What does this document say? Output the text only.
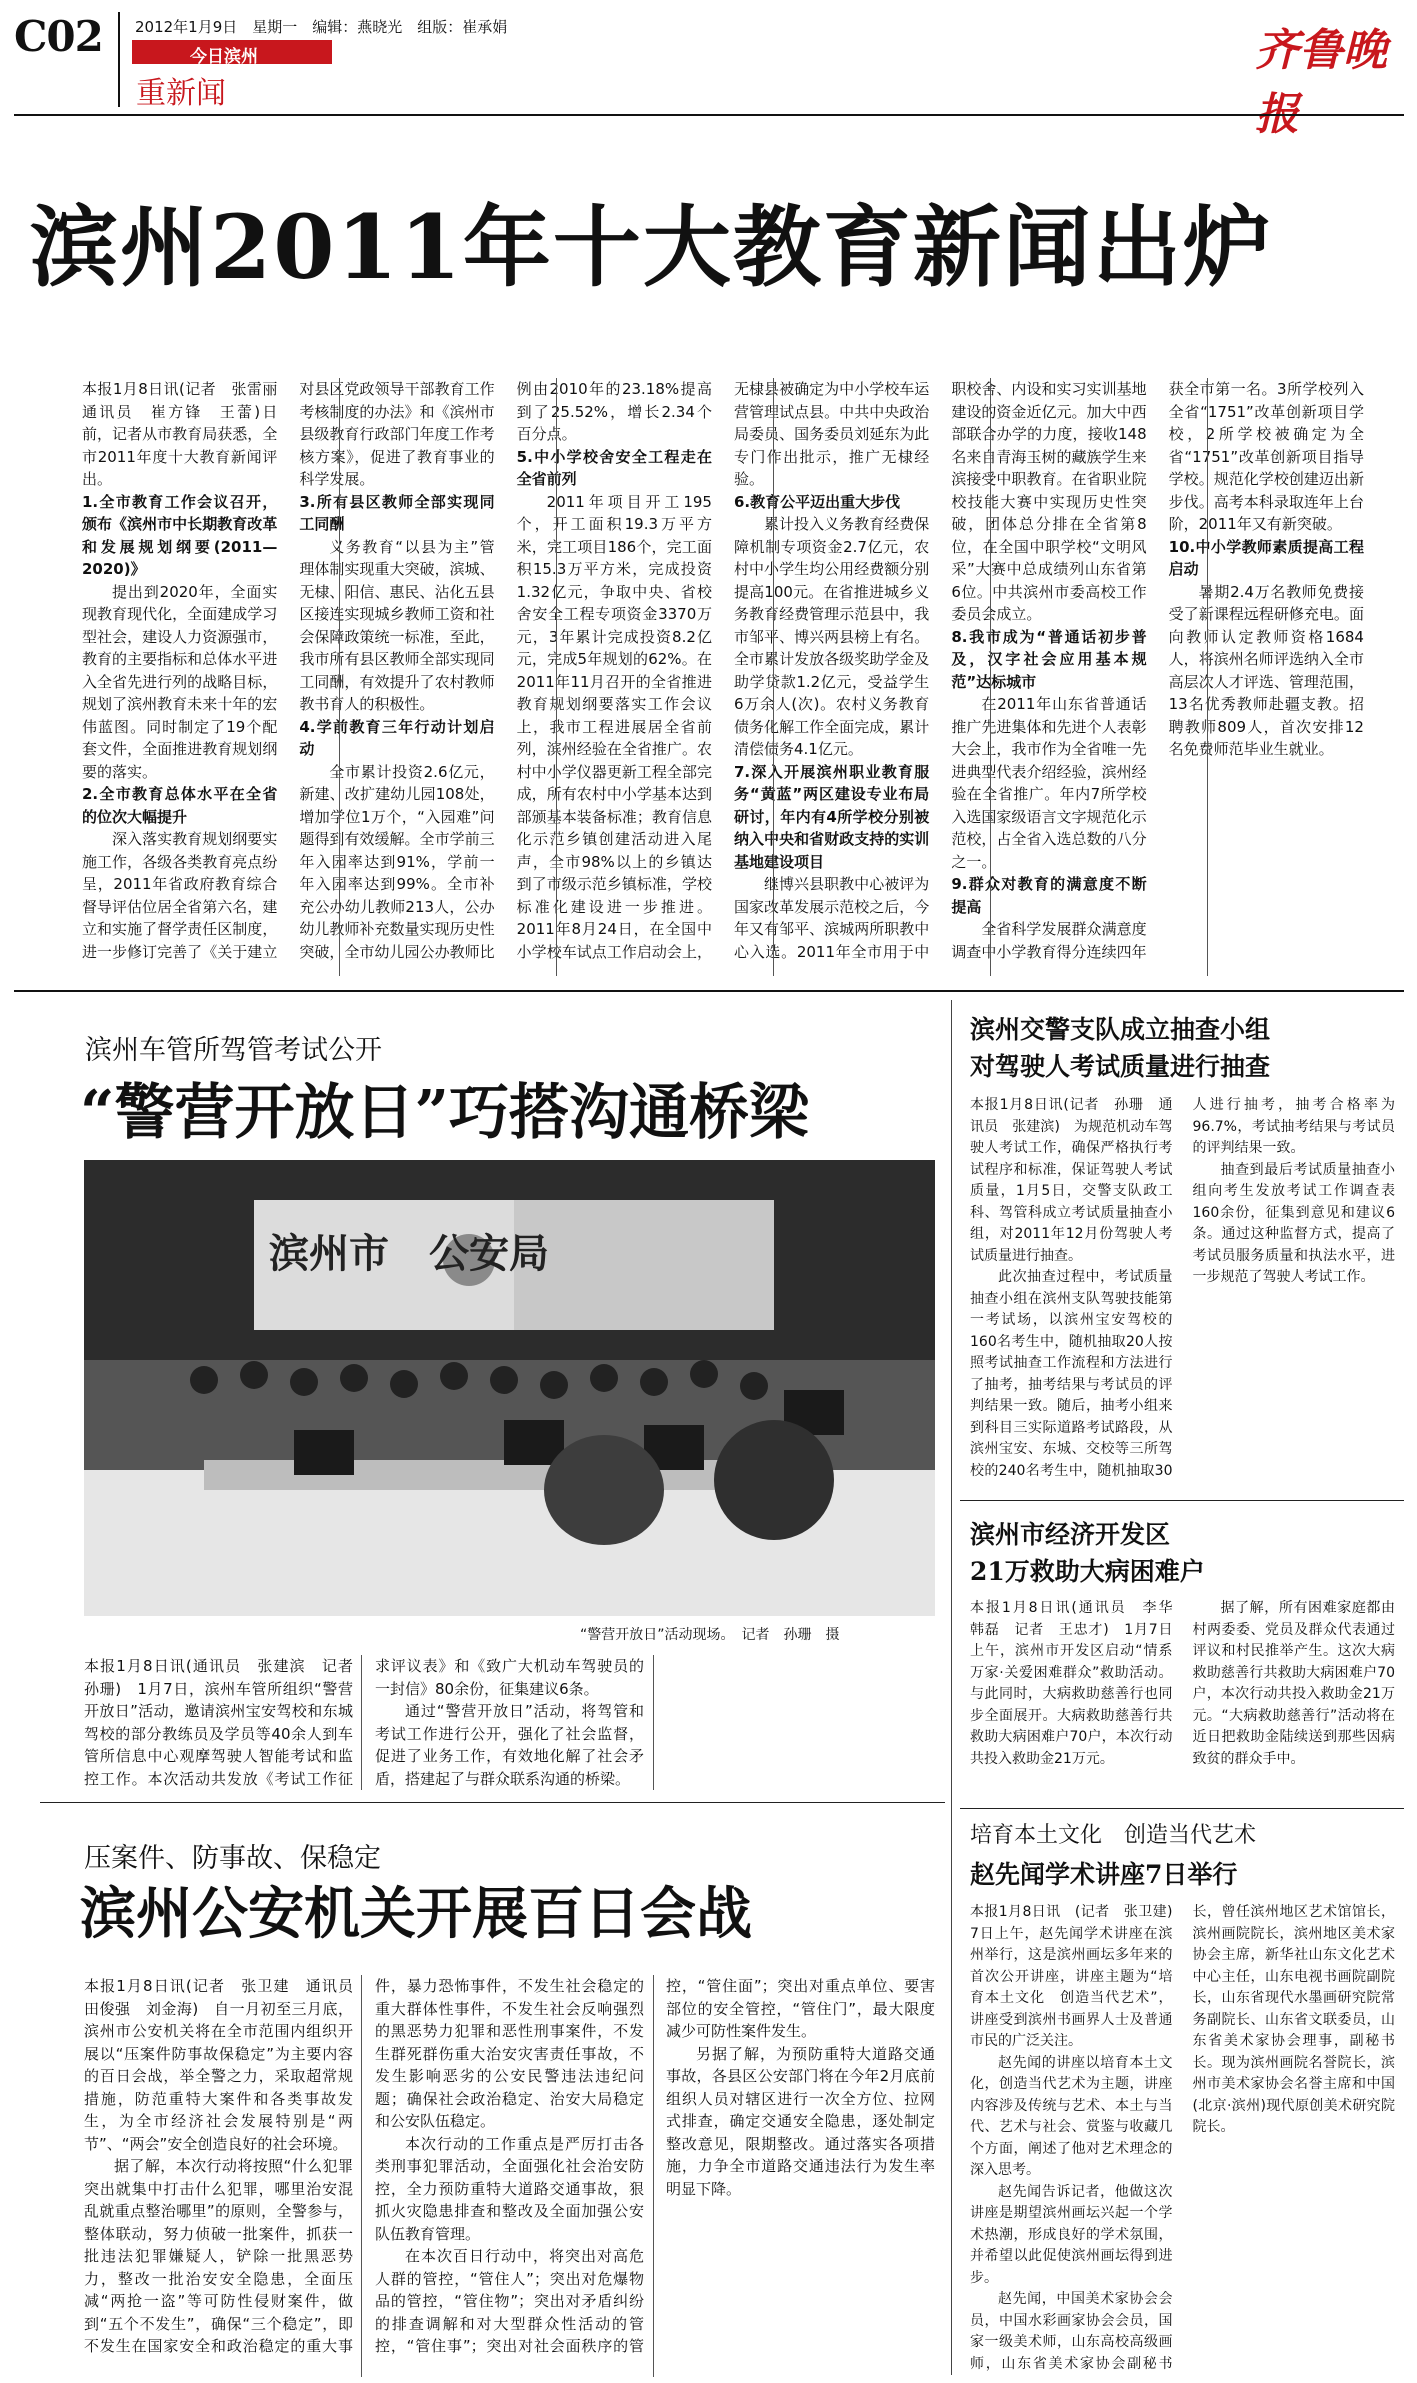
C02 2012年1月9日　星期一　编辑：燕晓光　组版：崔承娟
今日滨州
重新闻
齐鲁晚报
滨州2011年十大教育新闻出炉

本报1月8日讯(记者　张雷丽　通讯员　崔方锋　王蕾)日前，记者从市教育局获悉，全市2011年度十大教育新闻评出。

1.全市教育工作会议召开，颁布《滨州市中长期教育改革和发展规划纲要(2011—2020)》

提出到2020年，全面实现教育现代化，全面建成学习型社会，建设人力资源强市，教育的主要指标和总体水平进入全省先进行列的战略目标，规划了滨州教育未来十年的宏伟蓝图。同时制定了19个配套文件，全面推进教育规划纲要的落实。

2.全市教育总体水平在全省的位次大幅提升

深入落实教育规划纲要实施工作，各级各类教育亮点纷呈，2011年省政府教育综合督导评估位居全省第六名，建立和实施了督学责任区制度，进一步修订完善了《关于建立对县区党政领导干部教育工作考核制度的办法》和《滨州市县级教育行政部门年度工作考核方案》，促进了教育事业的科学发展。

3.所有县区教师全部实现同工同酬

义务教育“以县为主”管理体制实现重大突破，滨城、无棣、阳信、惠民、沾化五县区接连实现城乡教师工资和社会保障政策统一标准，至此，我市所有县区教师全部实现同工同酬，有效提升了农村教师教书育人的积极性。

4.学前教育三年行动计划启动

全市累计投资2.6亿元，新建、改扩建幼儿园108处，增加学位1万个，“入园难”问题得到有效缓解。全市学前三年入园率达到91%，学前一年入园率达到99%。全市补充公办幼儿教师213人，公办幼儿教师补充数量实现历史性突破，全市幼儿园公办教师比例由2010年的23.18%提高到了25.52%，增长2.34个百分点。

5.中小学校舍安全工程走在全省前列

2011年项目开工195个，开工面积19.3万平方米，完工项目186个，完工面积15.3万平方米，完成投资1.32亿元，争取中央、省校舍安全工程专项资金3370万元，3年累计完成投资8.2亿元，完成5年规划的62%。在2011年11月召开的全省推进教育规划纲要落实工作会议上，我市工程进展居全省前列，滨州经验在全省推广。农村中小学仪器更新工程全部完成，所有农村中小学基本达到部颁基本装备标准；教育信息化示范乡镇创建活动进入尾声，全市98%以上的乡镇达到了市级示范乡镇标准，学校标准化建设进一步推进。2011年8月24日，在全国中小学校车试点工作启动会上，无棣县被确定为中小学校车运营管理试点县。中共中央政治局委员、国务委员刘延东为此专门作出批示，推广无棣经验。

6.教育公平迈出重大步伐

累计投入义务教育经费保障机制专项资金2.7亿元，农村中小学生均公用经费额分别提高100元。在省推进城乡义务教育经费管理示范县中，我市邹平、博兴两县榜上有名。全市累计发放各级奖助学金及助学贷款1.2亿元，受益学生6万余人(次)。农村义务教育债务化解工作全面完成，累计清偿债务4.1亿元。

7.深入开展滨州职业教育服务“黄蓝”两区建设专业布局研讨，年内有4所学校分别被纳入中央和省财政支持的实训基地建设项目

继博兴县职教中心被评为国家改革发展示范校之后，今年又有邹平、滨城两所职教中心入选。2011年全市用于中职校舍、内设和实习实训基地建设的资金近亿元。加大中西部联合办学的力度，接收148名来自青海玉树的藏族学生来滨接受中职教育。在省职业院校技能大赛中实现历史性突破，团体总分排在全省第8位，在全国中职学校“文明风采”大赛中总成绩列山东省第6位。中共滨州市委高校工作委员会成立。

8.我市成为“普通话初步普及，汉字社会应用基本规范”达标城市

在2011年山东省普通话推广先进集体和先进个人表彰大会上，我市作为全省唯一先进典型代表介绍经验，滨州经验在全省推广。年内7所学校入选国家级语言文字规范化示范校，占全省入选总数的八分之一。

9.群众对教育的满意度不断提高

全省科学发展群众满意度调查中小学教育得分连续四年获全市第一名。3所学校列入全省“1751”改革创新项目学校，2所学校被确定为全省“1751”改革创新项目指导学校。规范化学校创建迈出新步伐。高考本科录取连年上台阶，2011年又有新突破。

10.中小学教师素质提高工程启动

暑期2.4万名教师免费接受了新课程远程研修充电。面向教师认定教师资格1684人，将滨州名师评选纳入全市高层次人才评选、管理范围，13名优秀教师赴疆支教。招聘教师809人，首次安排12名免费师范毕业生就业。

滨州车管所驾管考试公开
“警营开放日”巧搭沟通桥梁
滨州市　公安局
“警营开放日”活动现场。　记者　孙珊　摄

本报1月8日讯(通讯员　张建滨　记者　孙珊)　1月7日，滨州车管所组织“警营开放日”活动，邀请滨州宝安驾校和东城驾校的部分教练员及学员等40余人到车管所信息中心观摩驾驶人智能考试和监控工作。本次活动共发放《考试工作征求评议表》和《致广大机动车驾驶员的一封信》80余份，征集建议6条。

通过“警营开放日”活动，将驾管和考试工作进行公开，强化了社会监督，促进了业务工作，有效地化解了社会矛盾，搭建起了与群众联系沟通的桥梁。

压案件、防事故、保稳定
滨州公安机关开展百日会战

本报1月8日讯(记者　张卫建　通讯员　田俊强　刘金海)　自一月初至三月底，滨州市公安机关将在全市范围内组织开展以“压案件防事故保稳定”为主要内容的百日会战，举全警之力，采取超常规措施，防范重特大案件和各类事故发生，为全市经济社会发展特别是“两节”、“两会”安全创造良好的社会环境。

据了解，本次行动将按照“什么犯罪突出就集中打击什么犯罪，哪里治安混乱就重点整治哪里”的原则，全警参与，整体联动，努力侦破一批案件，抓获一批违法犯罪嫌疑人，铲除一批黑恶势力，整改一批治安安全隐患，全面压减“两抢一盗”等可防性侵财案件，做到“五个不发生”，确保“三个稳定”，即不发生在国家安全和政治稳定的重大事件，暴力恐怖事件，不发生社会稳定的重大群体性事件，不发生社会反响强烈的黑恶势力犯罪和恶性刑事案件，不发生群死群伤重大治安灾害责任事故，不发生影响恶劣的公安民警违法违纪问题；确保社会政治稳定、治安大局稳定和公安队伍稳定。

本次行动的工作重点是严厉打击各类刑事犯罪活动，全面强化社会治安防控，全力预防重特大道路交通事故，狠抓火灾隐患排查和整改及全面加强公安队伍教育管理。

在本次百日行动中，将突出对高危人群的管控，“管住人”；突出对危爆物品的管控，“管住物”；突出对矛盾纠纷的排查调解和对大型群众性活动的管控，“管住事”；突出对社会面秩序的管控，“管住面”；突出对重点单位、要害部位的安全管控，“管住门”，最大限度减少可防性案件发生。

另据了解，为预防重特大道路交通事故，各县区公安部门将在今年2月底前组织人员对辖区进行一次全方位、拉网式排查，确定交通安全隐患，逐处制定整改意见，限期整改。通过落实各项措施，力争全市道路交通违法行为发生率明显下降。

滨州交警支队成立抽查小组
对驾驶人考试质量进行抽查

本报1月8日讯(记者　孙珊　通讯员　张建滨)　为规范机动车驾驶人考试工作，确保严格执行考试程序和标准，保证驾驶人考试质量，1月5日，交警支队政工科、驾管科成立考试质量抽查小组，对2011年12月份驾驶人考试质量进行抽查。

此次抽查过程中，考试质量抽查小组在滨州支队驾驶技能第一考试场，以滨州宝安驾校的160名考生中，随机抽取20人按照考试抽查工作流程和方法进行了抽考，抽考结果与考试员的评判结果一致。随后，抽考小组来到科目三实际道路考试路段，从滨州宝安、东城、交校等三所驾校的240名考生中，随机抽取30人进行抽考，抽考合格率为96.7%，考试抽考结果与考试员的评判结果一致。

抽查到最后考试质量抽查小组向考生发放考试工作调查表160余份，征集到意见和建议6条。通过这种监督方式，提高了考试员服务质量和执法水平，进一步规范了驾驶人考试工作。

滨州市经济开发区
21万救助大病困难户

本报1月8日讯(通讯员　李华　韩磊　记者　王忠才)　1月7日上午，滨州市开发区启动“情系万家·关爱困难群众”救助活动。与此同时，大病救助慈善行也同步全面展开。大病救助慈善行共救助大病困难户70户，本次行动共投入救助金21万元。

据了解，所有困难家庭都由村两委委、党员及群众代表通过评议和村民推举产生。这次大病救助慈善行共救助大病困难户70户，本次行动共投入救助金21万元。“大病救助慈善行”活动将在近日把救助金陆续送到那些因病致贫的群众手中。

培育本土文化　创造当代艺术
赵先闻学术讲座7日举行

本报1月8日讯　(记者　张卫建)　7日上午，赵先闻学术讲座在滨州举行，这是滨州画坛多年来的首次公开讲座，讲座主题为“培育本土文化　创造当代艺术”，讲座受到滨州书画界人士及普通市民的广泛关注。

赵先闻的讲座以培育本土文化，创造当代艺术为主题，讲座内容涉及传统与艺术、本土与当代、艺术与社会、赏鉴与收藏几个方面，阐述了他对艺术理念的深入思考。

赵先闻告诉记者，他做这次讲座是期望滨州画坛兴起一个学术热潮，形成良好的学术氛围，并希望以此促使滨州画坛得到进步。

赵先闻，中国美术家协会会员，中国水彩画家协会会员，国家一级美术师，山东高校高级画师，山东省美术家协会副秘书长，曾任滨州地区艺术馆馆长，滨州画院院长，滨州地区美术家协会主席，新华社山东文化艺术中心主任，山东电视书画院副院长，山东省现代水墨画研究院常务副院长、山东省文联委员，山东省美术家协会理事，副秘书长。现为滨州画院名誉院长，滨州市美术家协会名誉主席和中国(北京·滨州)现代原创美术研究院院长。
